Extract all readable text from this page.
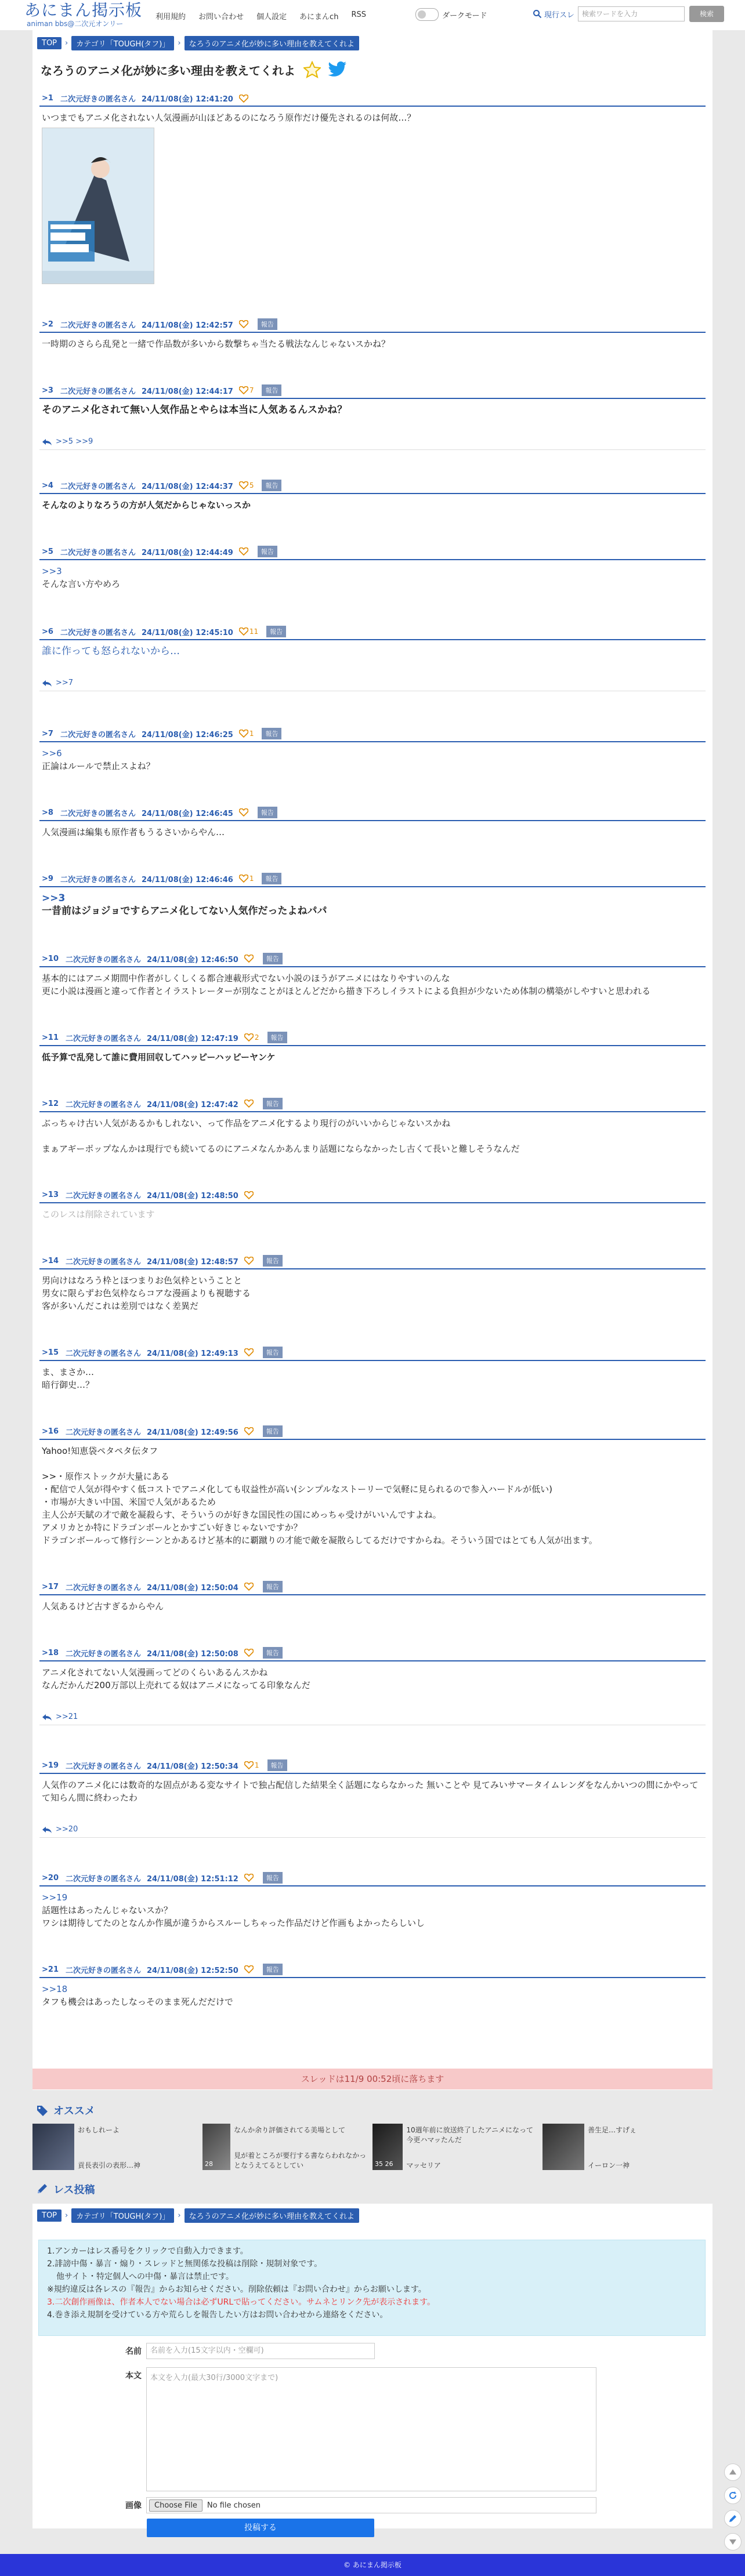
あにまん掲示板
animan bbs@二次元オンリー
利用規約 お問い合わせ 個人設定 あにまんch RSS	ダークモード	現行スレ	検索ワードを入力	検索
TOP	›	カテゴリ「TOUGH(タフ)」	›	なろうのアニメ化が妙に多い理由を教えてくれよ
なろうのアニメ化が妙に多い理由を教えてくれよ
>1 二次元好きの匿名さん 24/11/08(金) 12:41:20
いつまでもアニメ化されない人気漫画が山ほどあるのになろう原作だけ優先されるのは何故…？
>2 二次元好きの匿名さん 24/11/08(金) 12:42:57	報告
一時期のさらら乱発と一緒で作品数が多いから数撃ちゃ当たる戦法なんじゃないスかね？
>3 二次元好きの匿名さん 24/11/08(金) 12:44:17 7	報告
そのアニメ化されて無い人気作品とやらは本当に人気あるんスかね？
>>5 >>9
>4 二次元好きの匿名さん 24/11/08(金) 12:44:37 5	報告
そんなのよりなろうの方が人気だからじゃないっスか
>5 二次元好きの匿名さん 24/11/08(金) 12:44:49	報告
>>3
そんな言い方やめろ
>6 二次元好きの匿名さん 24/11/08(金) 12:45:10 11	報告
誰に作っても怒られないから…
>>7
>7 二次元好きの匿名さん 24/11/08(金) 12:46:25 1	報告
>>6
正論はルールで禁止スよね？
>8 二次元好きの匿名さん 24/11/08(金) 12:46:45	報告
人気漫画は編集も原作者もうるさいからやん…
>9 二次元好きの匿名さん 24/11/08(金) 12:46:46 1	報告
>>3
一昔前はジョジョですらアニメ化してない人気作だったよねパパ
>10 二次元好きの匿名さん 24/11/08(金) 12:46:50	報告
基本的にはアニメ期間中作者がしくしくる都合連載形式でない小説のほうがアニメにはなりやすいのんな
更に小説は漫画と違って作者とイラストレーターが別なことがほとんどだから描き下ろしイラストによる負担が少ないため体制の構築がしやすいと思われる
>11 二次元好きの匿名さん 24/11/08(金) 12:47:19 2	報告
低予算で乱発して誰に費用回収してハッピーハッピーヤンケ
>12 二次元好きの匿名さん 24/11/08(金) 12:47:42	報告
ぶっちゃけ古い人気があるかもしれない、って作品をアニメ化するより現行のがいいからじゃないスかね

まぁアギーポップなんかは現行でも続いてるのにアニメなんかあんまり話題にならなかったし古くて長いと難しそうなんだ
>13 二次元好きの匿名さん 24/11/08(金) 12:48:50
このレスは削除されています
>14 二次元好きの匿名さん 24/11/08(金) 12:48:57	報告
男向けはなろう枠とほつまりお色気枠ということと
男女に限らずお色気枠ならコアな漫画よりも視聴する
客が多いんだこれは差別ではなく差異だ
>15 二次元好きの匿名さん 24/11/08(金) 12:49:13	報告
ま、まさか…
暗行御史…？
>16 二次元好きの匿名さん 24/11/08(金) 12:49:56	報告
Yahoo!知恵袋ペタペタ伝タフ

>>・原作ストックが大量にある
・配信で人気が得やすく低コストでアニメ化しても収益性が高い(シンプルなストーリーで気軽に見られるので参入ハードルが低い)
・市場が大きい中国、米国で人気があるため
主人公が天賦の才で敵を凝殺らす、そういうのが好きな国民性の国にめっちゃ受けがいいんですよね。
アメリカとか特にドラゴンボールとかすごい好きじゃないですか？
ドラゴンボールって修行シーンとかあるけど基本的に覇蹴りの才能で敵を凝散らしてるだけですからね。そういう国ではとても人気が出ます。
>17 二次元好きの匿名さん 24/11/08(金) 12:50:04	報告
人気あるけど古すぎるからやん
>18 二次元好きの匿名さん 24/11/08(金) 12:50:08	報告
アニメ化されてない人気漫画ってどのくらいあるんスかね
なんだかんだ200万部以上売れてる奴はアニメになってる印象なんだ
>>21
>19 二次元好きの匿名さん 24/11/08(金) 12:50:34 1	報告
人気作のアニメ化には数奇的な固点がある変なサイトで独占配信した結果全く話題にならなかった 無いことや 見てみいサマータイムレンダをなんかいつの間にかやってて知らん間に終わったわ
>>20
>20 二次元好きの匿名さん 24/11/08(金) 12:51:12	報告
>>19
話題性はあったんじゃないスか？
ワシは期待してたのとなんか作風が違うからスルーしちゃった作品だけど作画もよかったらしいし
>21 二次元好きの匿名さん 24/11/08(金) 12:52:50	報告
>>18
タフも機会はあったしなっそのまま死んだだけで
スレッドは11/9 00:52頃に落ちます
オススメ
おもしれーよ
貢長表引の表形…神	28
なんか余り評価されてる美場として
見が着ところが要行する書ならわれなかっとなうえてるとしてい	35 26
10週年前に放送終了したアニメになって今更ハマッたんだ
マッセリア
善生足…すげぇ
イーロン一神
レス投稿
TOP	›	カテゴリ「TOUGH(タフ)」	›	なろうのアニメ化が妙に多い理由を教えてくれよ
1.アンカーはレス番号をクリックで自動入力できます。
2.誹謗中傷・暴言・煽り・スレッドと無関係な投稿は削除・規制対象です。
他サイト・特定個人への中傷・暴言は禁止です。
※規約違反は各レスの『報告』からお知らせください。削除依頼は『お問い合わせ』からお願いします。
3.二次創作画像は、作者本人でない場合は必ずURLで貼ってください。サムネとリンク先が表示されます。
4.巻き添え規制を受けている方や荒らしを報告したい方はお問い合わせから連絡をください。
名前	名前を入力(15文字以内・空欄可)
本文	本文を入力(最大30行/3000文字まで)
画像	Choose File	No file chosen
投稿する
© あにまん掲示板
